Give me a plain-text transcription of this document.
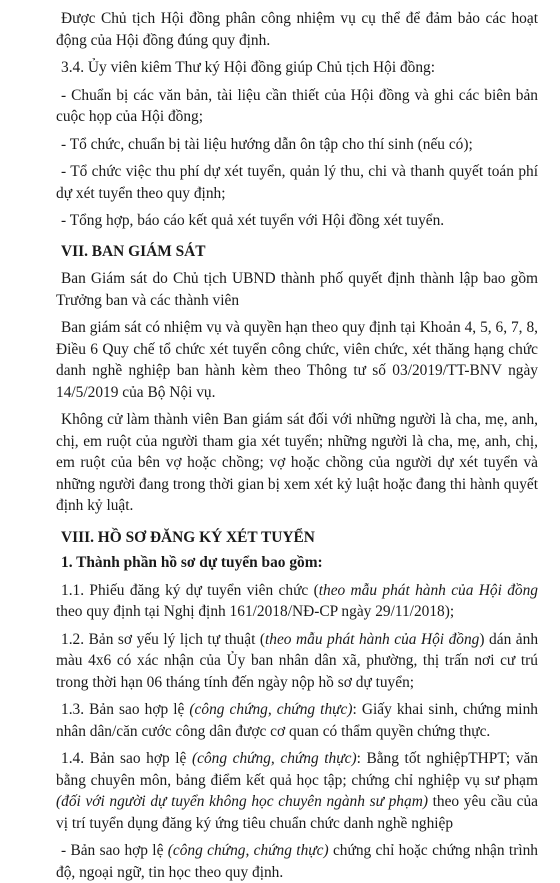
Được Chủ tịch Hội đồng phân công nhiệm vụ cụ thể để đảm bảo các hoạt động của Hội đồng đúng quy định.

3.4. Ủy viên kiêm Thư ký Hội đồng giúp Chủ tịch Hội đồng:

- Chuẩn bị các văn bản, tài liệu cần thiết của Hội đồng và ghi các biên bản cuộc họp của Hội đồng;

- Tổ chức, chuẩn bị tài liệu hướng dẫn ôn tập cho thí sinh (nếu có);

- Tổ chức việc thu phí dự xét tuyển, quản lý thu, chi và thanh quyết toán phí dự xét tuyển theo quy định;

- Tổng hợp, báo cáo kết quả xét tuyển với Hội đồng xét tuyển.

VII. BAN GIÁM SÁT

Ban Giám sát do Chủ tịch UBND thành phố quyết định thành lập bao gồm Trưởng ban và các thành viên

Ban giám sát có nhiệm vụ và quyền hạn theo quy định tại Khoản 4, 5, 6, 7, 8, Điều 6 Quy chế tổ chức xét tuyển công chức, viên chức, xét thăng hạng chức danh nghề nghiệp ban hành kèm theo Thông tư số 03/2019/TT-BNV ngày 14/5/2019 của Bộ Nội vụ.

Không cử làm thành viên Ban giám sát đối với những người là cha, mẹ, anh, chị, em ruột của người tham gia xét tuyển; những người là cha, mẹ, anh, chị, em ruột của bên vợ hoặc chồng; vợ hoặc chồng của người dự xét tuyển và những người đang trong thời gian bị xem xét kỷ luật hoặc đang thi hành quyết định kỷ luật.

VIII. HỒ SƠ ĐĂNG KÝ XÉT TUYỂN
1. Thành phần hồ sơ dự tuyển bao gồm:

1.1. Phiếu đăng ký dự tuyển viên chức (theo mẫu phát hành của Hội đồng theo quy định tại Nghị định 161/2018/NĐ-CP ngày 29/11/2018);

1.2. Bản sơ yếu lý lịch tự thuật (theo mẫu phát hành của Hội đồng) dán ảnh màu 4x6 có xác nhận của Ủy ban nhân dân xã, phường, thị trấn nơi cư trú trong thời hạn 06 tháng tính đến ngày nộp hồ sơ dự tuyển;

1.3. Bản sao hợp lệ (công chứng, chứng thực): Giấy khai sinh, chứng minh nhân dân/căn cước công dân được cơ quan có thẩm quyền chứng thực.

1.4. Bản sao hợp lệ (công chứng, chứng thực): Bằng tốt nghiệpTHPT; văn bằng chuyên môn, bảng điểm kết quả học tập; chứng chỉ nghiệp vụ sư phạm (đối với người dự tuyển không học chuyên ngành sư phạm) theo yêu cầu của vị trí tuyển dụng đăng ký ứng tiêu chuẩn chức danh nghề nghiệp

- Bản sao hợp lệ (công chứng, chứng thực) chứng chỉ hoặc chứng nhận trình độ, ngoại ngữ, tin học theo quy định.
